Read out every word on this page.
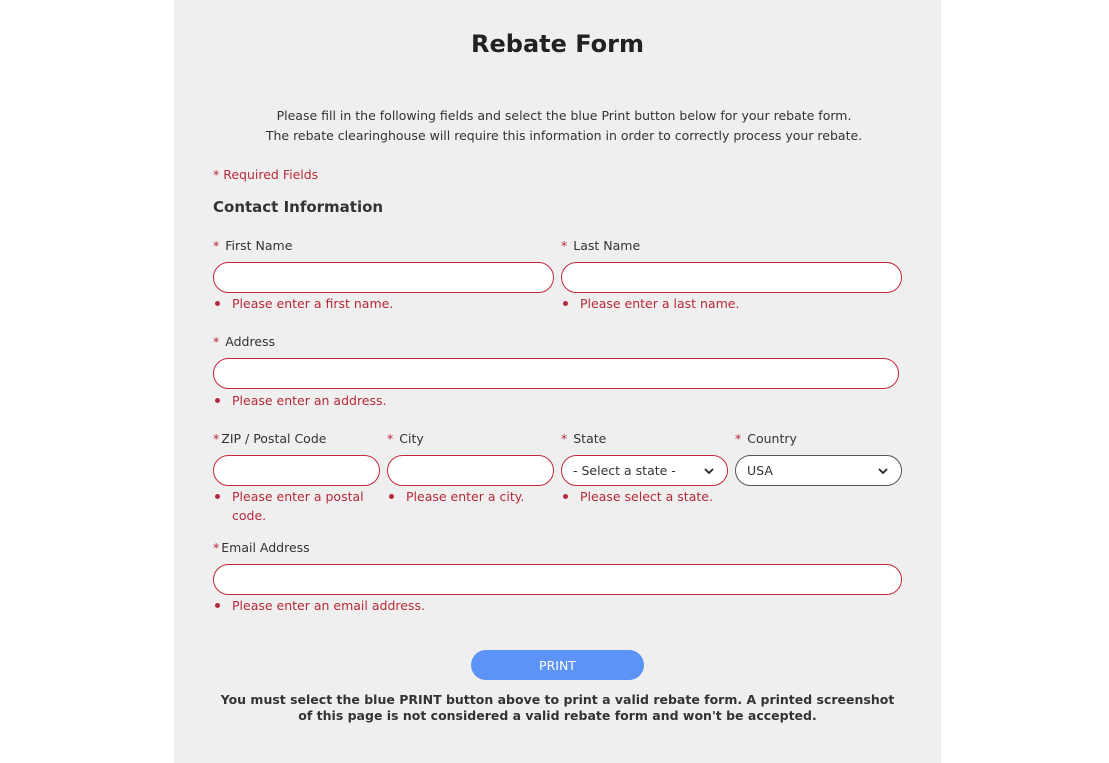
Rebate Form

Please fill in the following fields and select the blue Print button below for your rebate form. The rebate clearinghouse will require this information in order to correctly process your rebate.

* Required Fields
Contact Information
* First Name
Please enter a first name.
* Last Name
Please enter a last name.
* Address
Please enter an address.
* ZIP / Postal Code
Please enter a postal code.
* City
Please enter a city.
* State
- Select a state -
Please select a state.
* Country
USA
* Email Address
Please enter an email address.
PRINT

You must select the blue PRINT button above to print a valid rebate form. A printed screenshot of this page is not considered a valid rebate form and won't be accepted.
